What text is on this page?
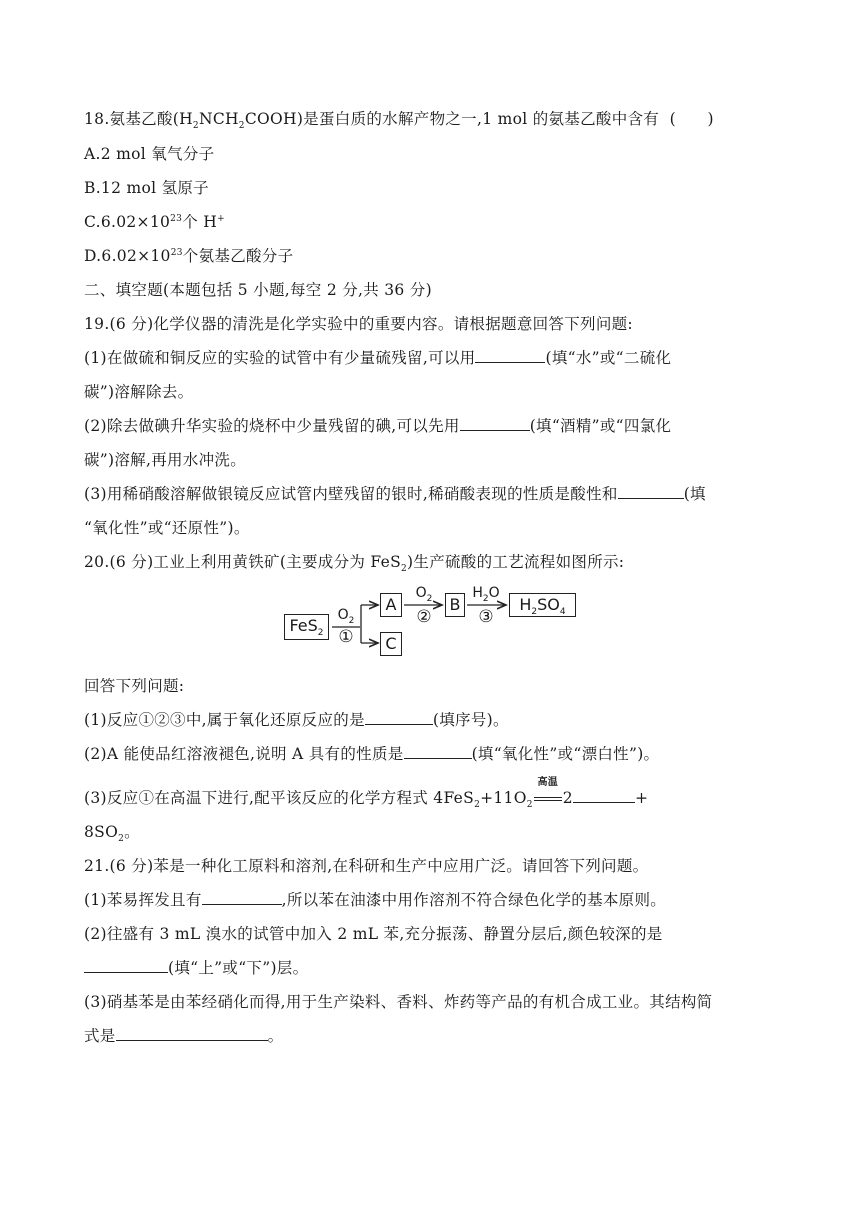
18.氨基乙酸$(H_2NCH_2COOH)$是蛋白质的水解产物之一,1 mol 的氨基乙酸中含有 (　　)
A.2 mol 氧气分子
B.12 mol 氢原子
$C.6.02\times 10^{23}$个 H+
$D.6.02\times 10^{23}$个氨基乙酸分子
二、填空题(本题包括 5 小题,每空 2 分,共 36 分)
19.(6 分)化学仪器的清洗是化学实验中的重要内容。请根据题意回答下列问题:
(1)在做硫和铜反应的实验的试管中有少量硫残留,可以用	(填“水”或“二硫化
碳”)溶解除去。
(2)除去做碘升华实验的烧杯中少量残留的碘,可以先用	(填“酒精”或“四氯化
碳”)溶解,再用水冲洗。
(3)用稀硝酸溶解做银镜反应试管内壁残留的银时,稀硝酸表现的性质是酸性和	(填
“氧化性”或“还原性”)。
20.(6 分)工业上利用黄铁矿(主要成分为 FeS$_2$)生产硫酸的工艺流程如图所示:
FeS$_2$
$O_2$
①
A
C
$O_2$
②
B
$H_2O$
③
$H_2SO_4$
回答下列问题:
(1)反应①②③中,属于氧化还原反应的是	(填序号)。
(2)A 能使品红溶液褪色,说明 A 具有的性质是	(填“氧化性”或“漂白性”)。
(3)反应①在高温下进行,配平该反应的化学方程式 $4FeS_2+11O_2$
高温
2	+
$8SO_2$。
21.(6 分)苯是一种化工原料和溶剂,在科研和生产中应用广泛。请回答下列问题。
(1)苯易挥发且有	,所以苯在油漆中用作溶剂不符合绿色化学的基本原则。
(2)往盛有 3 mL 溴水的试管中加入 2 mL 苯,充分振荡、静置分层后,颜色较深的是
(填“上”或“下”)层。
(3)硝基苯是由苯经硝化而得,用于生产染料、香料、炸药等产品的有机合成工业。其结构简
式是	。
